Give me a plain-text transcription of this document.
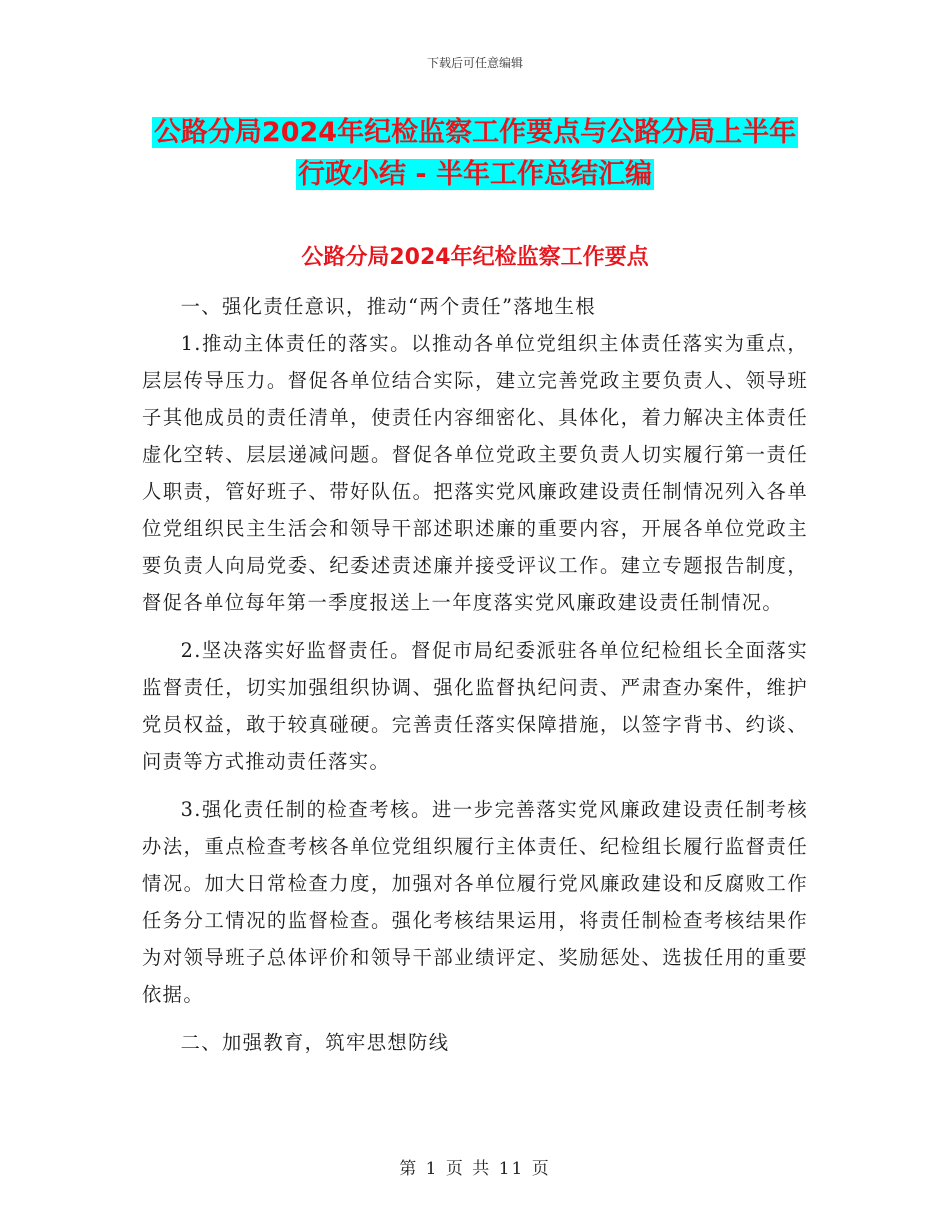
下载后可任意编辑
公路分局2024年纪检监察工作要点与公路分局上半年
行政小结 - 半年工作总结汇编
公路分局2024年纪检监察工作要点

一、强化责任意识，推动“两个责任”落地生根

1.推动主体责任的落实。以推动各单位党组织主体责任落实为重点，层层传导压力。督促各单位结合实际，建立完善党政主要负责人、领导班子其他成员的责任清单，使责任内容细密化、具体化，着力解决主体责任虚化空转、层层递减问题。督促各单位党政主要负责人切实履行第一责任人职责，管好班子、带好队伍。把落实党风廉政建设责任制情况列入各单位党组织民主生活会和领导干部述职述廉的重要内容，开展各单位党政主要负责人向局党委、纪委述责述廉并接受评议工作。建立专题报告制度，督促各单位每年第一季度报送上一年度落实党风廉政建设责任制情况。

2.坚决落实好监督责任。督促市局纪委派驻各单位纪检组长全面落实监督责任，切实加强组织协调、强化监督执纪问责、严肃查办案件，维护党员权益，敢于较真碰硬。完善责任落实保障措施，以签字背书、约谈、问责等方式推动责任落实。

3.强化责任制的检查考核。进一步完善落实党风廉政建设责任制考核办法，重点检查考核各单位党组织履行主体责任、纪检组长履行监督责任情况。加大日常检查力度，加强对各单位履行党风廉政建设和反腐败工作任务分工情况的监督检查。强化考核结果运用，将责任制检查考核结果作为对领导班子总体评价和领导干部业绩评定、奖励惩处、选拔任用的重要依据。

二、加强教育，筑牢思想防线

第 1 页 共 11 页
